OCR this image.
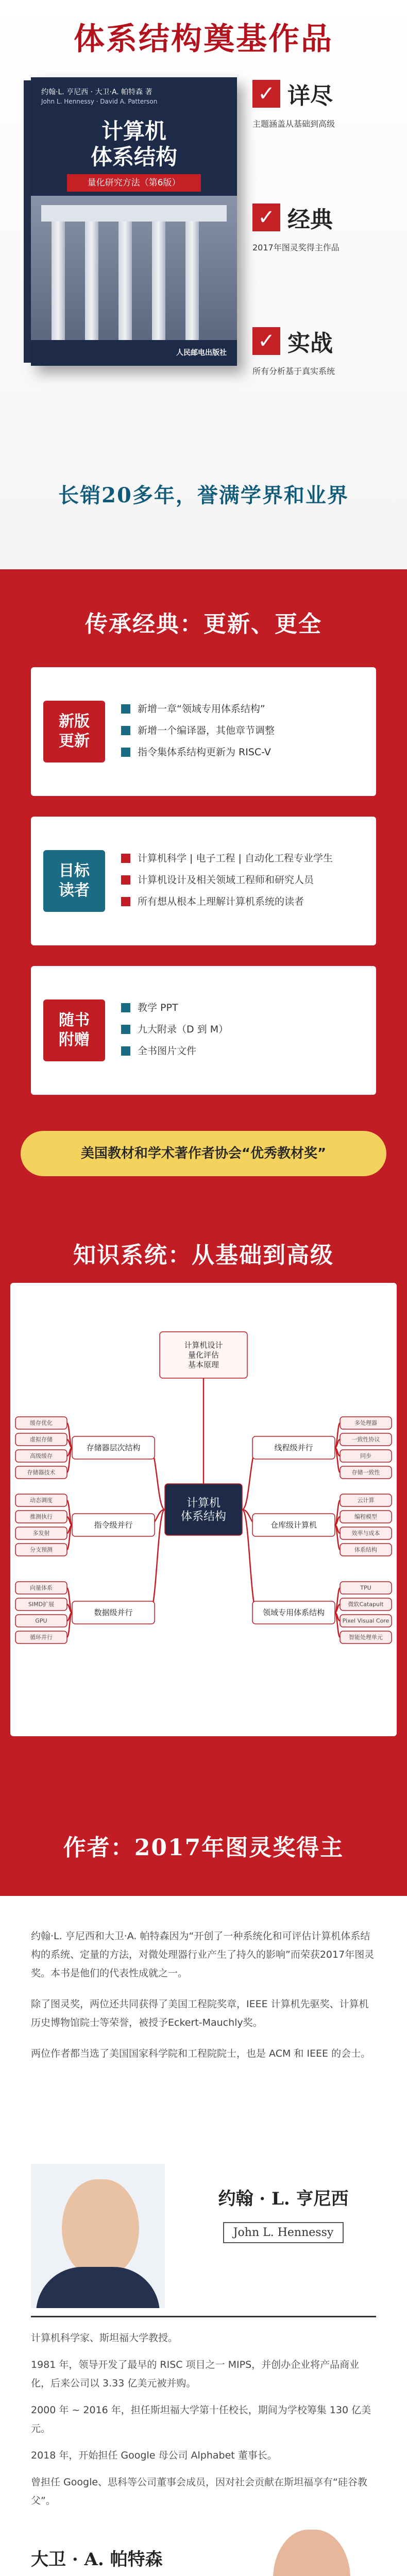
体系结构奠基作品
约翰·L. 亨尼西 · 大卫·A. 帕特森 著
John L. Hennessy · David A. Patterson
计算机
体系结构
量化研究方法（第6版）
人民邮电出版社
✓ 详尽
主题涵盖从基础到高级
✓ 经典
2017年图灵奖得主作品
✓ 实战
所有分析基于真实系统
长销20多年，誉满学界和业界
传承经典：更新、更全
新版
更新
新增一章“领域专用体系结构”
新增一个编译器，其他章节调整
指令集体系结构更新为 RISC-V
目标
读者
计算机科学 | 电子工程 | 自动化工程专业学生
计算机设计及相关领域工程师和研究人员
所有想从根本上理解计算机系统的读者
随书
附赠
教学 PPT
九大附录（D 到 M）
全书图片文件
美国教材和学术著作者协会“优秀教材奖”
知识系统：从基础到高级
计算机设计
量化评估
基本原理
存储器层次结构
缓存优化
虚拟存储
高级缓存
存储器技术
指令级并行
动态调度
推测执行
多发射
分支预测
数据级并行
向量体系
SIMD扩展
GPU
循环并行
线程级并行
多处理器
一致性协议
同步
存储一致性
仓库级计算机
云计算
编程模型
效率与成本
体系结构
领域专用体系结构
TPU
微软Catapult
Pixel Visual Core
智能处理单元
计算机
体系结构
作者：2017年图灵奖得主

约翰·L. 亨尼西和大卫·A. 帕特森因为“开创了一种系统化和可评估计算机体系结构的系统、定量的方法，对微处理器行业产生了持久的影响”而荣获2017年图灵奖。本书是他们的代表性成就之一。

除了图灵奖，两位还共同获得了美国工程院奖章，IEEE 计算机先驱奖、计算机历史博物馆院士等荣誉，被授予Eckert-Mauchly奖。

两位作者都当选了美国国家科学院和工程院院士，也是 ACM 和 IEEE 的会士。

约翰 · L. 亨尼西
John L. Hennessy

计算机科学家、斯坦福大学教授。

1981 年，领导开发了最早的 RISC 项目之一 MIPS，并创办企业将产品商业化，后来公司以 3.33 亿美元被并购。

2000 年 ~ 2016 年，担任斯坦福大学第十任校长，期间为学校筹集 130 亿美元。

2018 年，开始担任 Google 母公司 Alphabet 董事长。

曾担任 Google、思科等公司董事会成员，因对社会贡献在斯坦福享有“硅谷教父”。

大卫 · A. 帕特森
